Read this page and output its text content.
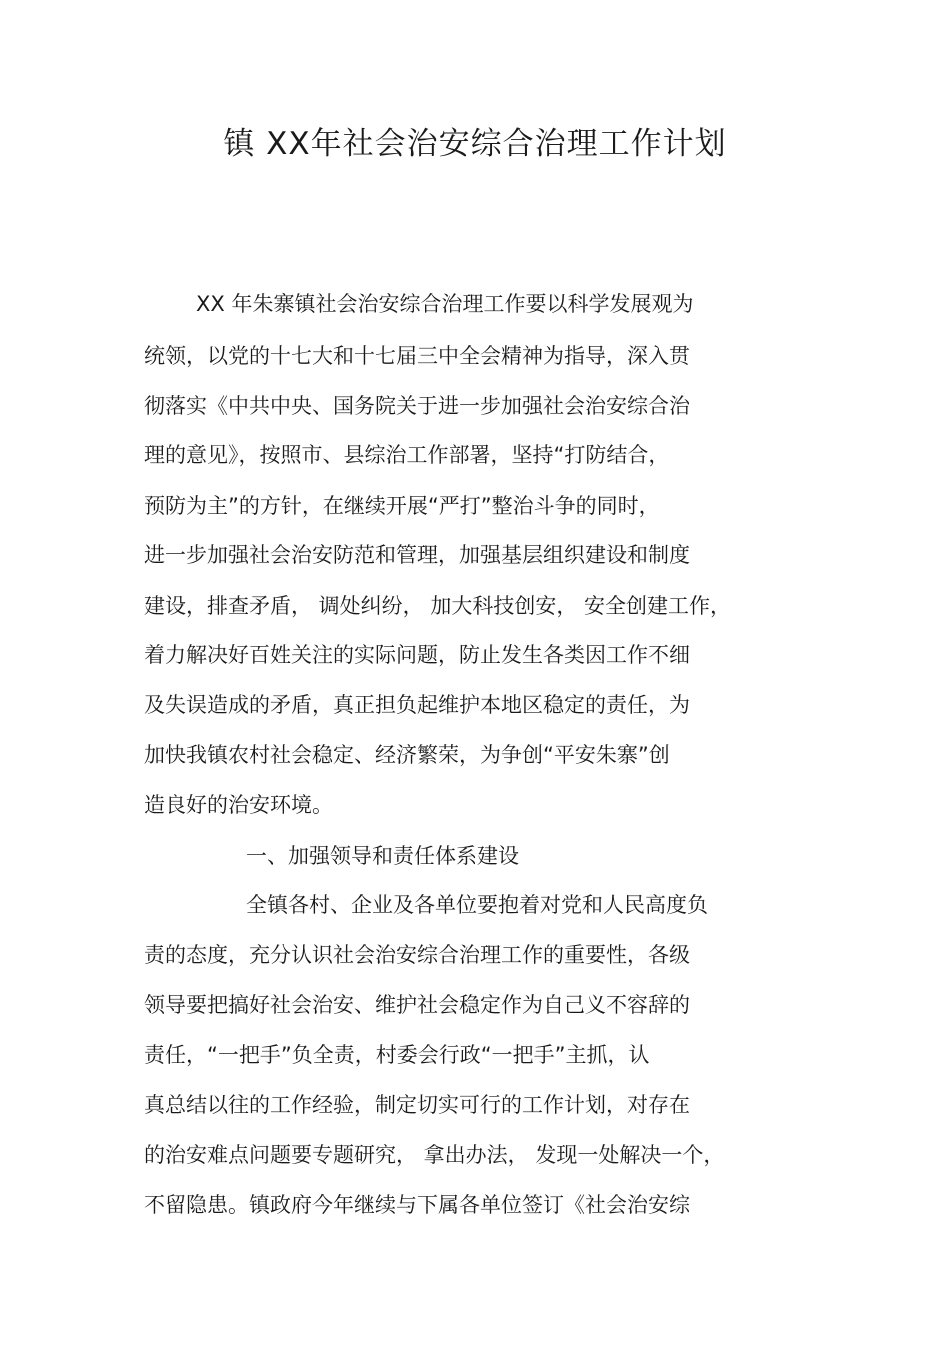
镇 XX年社会治安综合治理工作计划
XX 年朱寨镇社会治安综合治理工作要以科学发展观为
统领，以党的十七大和十七届三中全会精神为指导，深入贯
彻落实《中共中央、国务院关于进一步加强社会治安综合治
理的意见》，按照市、县综治工作部署，坚持“打防结合，
预防为主”的方针，在继续开展“严打”整治斗争的同时，
进一步加强社会治安防范和管理，加强基层组织建设和制度
建设，排查矛盾， 调处纠纷， 加大科技创安， 安全创建工作，
着力解决好百姓关注的实际问题，防止发生各类因工作不细
及失误造成的矛盾，真正担负起维护本地区稳定的责任，为
加快我镇农村社会稳定、经济繁荣，为争创“平安朱寨”创
造良好的治安环境。
一、加强领导和责任体系建设
全镇各村、企业及各单位要抱着对党和人民高度负
责的态度，充分认识社会治安综合治理工作的重要性，各级
领导要把搞好社会治安、维护社会稳定作为自己义不容辞的
责任，“一把手”负全责，村委会行政“一把手”主抓，认
真总结以往的工作经验，制定切实可行的工作计划，对存在
的治安难点问题要专题研究， 拿出办法， 发现一处解决一个，
不留隐患。镇政府今年继续与下属各单位签订《社会治安综
